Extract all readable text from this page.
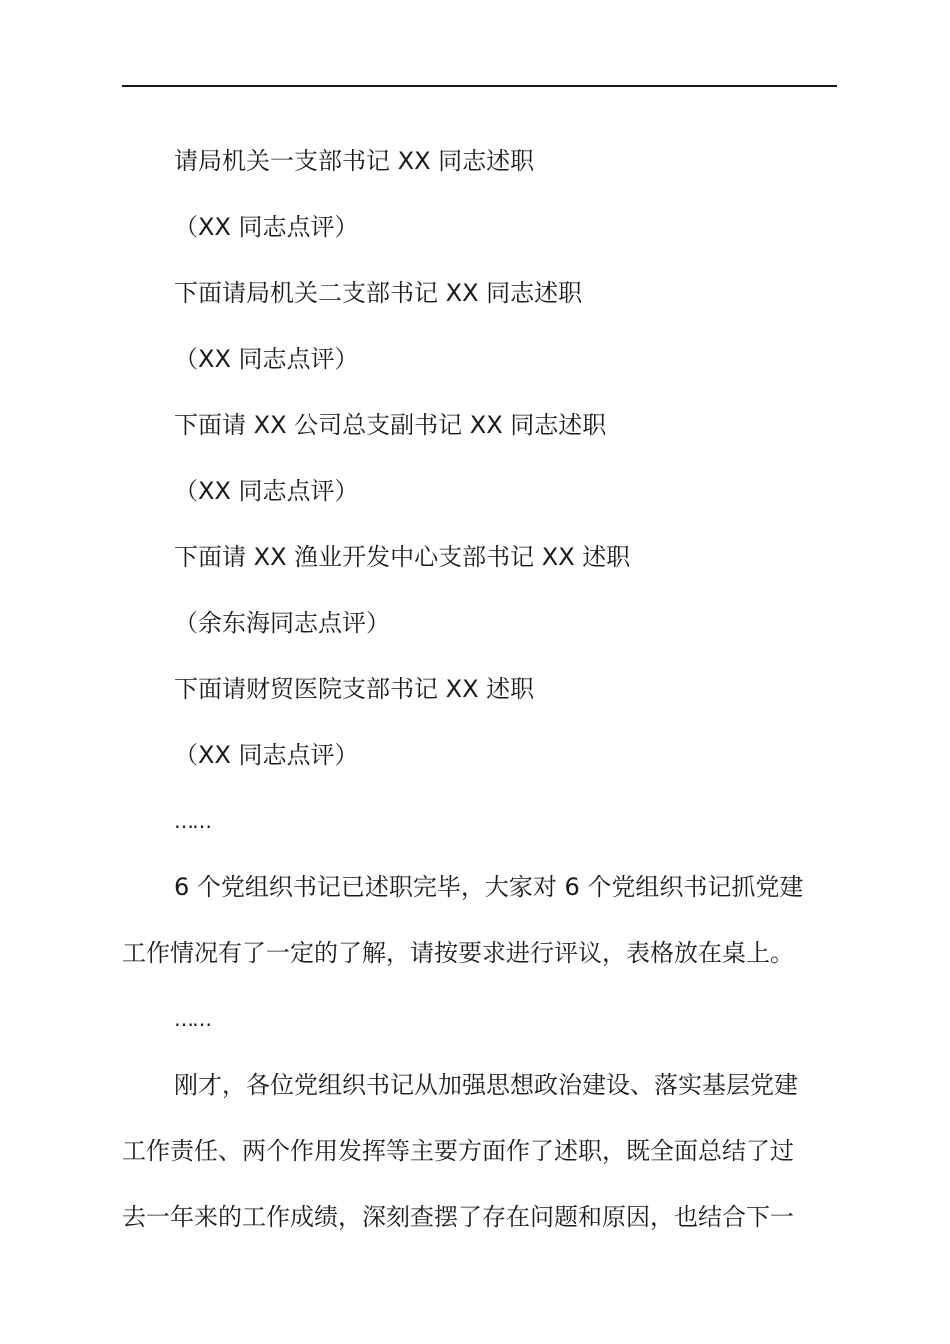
请局机关一支部书记 XX 同志述职
（XX 同志点评）
下面请局机关二支部书记 XX 同志述职
（XX 同志点评）
下面请 XX 公司总支副书记 XX 同志述职
（XX 同志点评）
下面请 XX 渔业开发中心支部书记 XX 述职
（余东海同志点评）
下面请财贸医院支部书记 XX 述职
（XX 同志点评）
……

6 个党组织书记已述职完毕，大家对 6 个党组织书记抓党建

工作情况有了一定的了解，请按要求进行评议，表格放在桌上。

……

刚才，各位党组织书记从加强思想政治建设、落实基层党建

工作责任、两个作用发挥等主要方面作了述职，既全面总结了过

去一年来的工作成绩，深刻查摆了存在问题和原因，也结合下一
